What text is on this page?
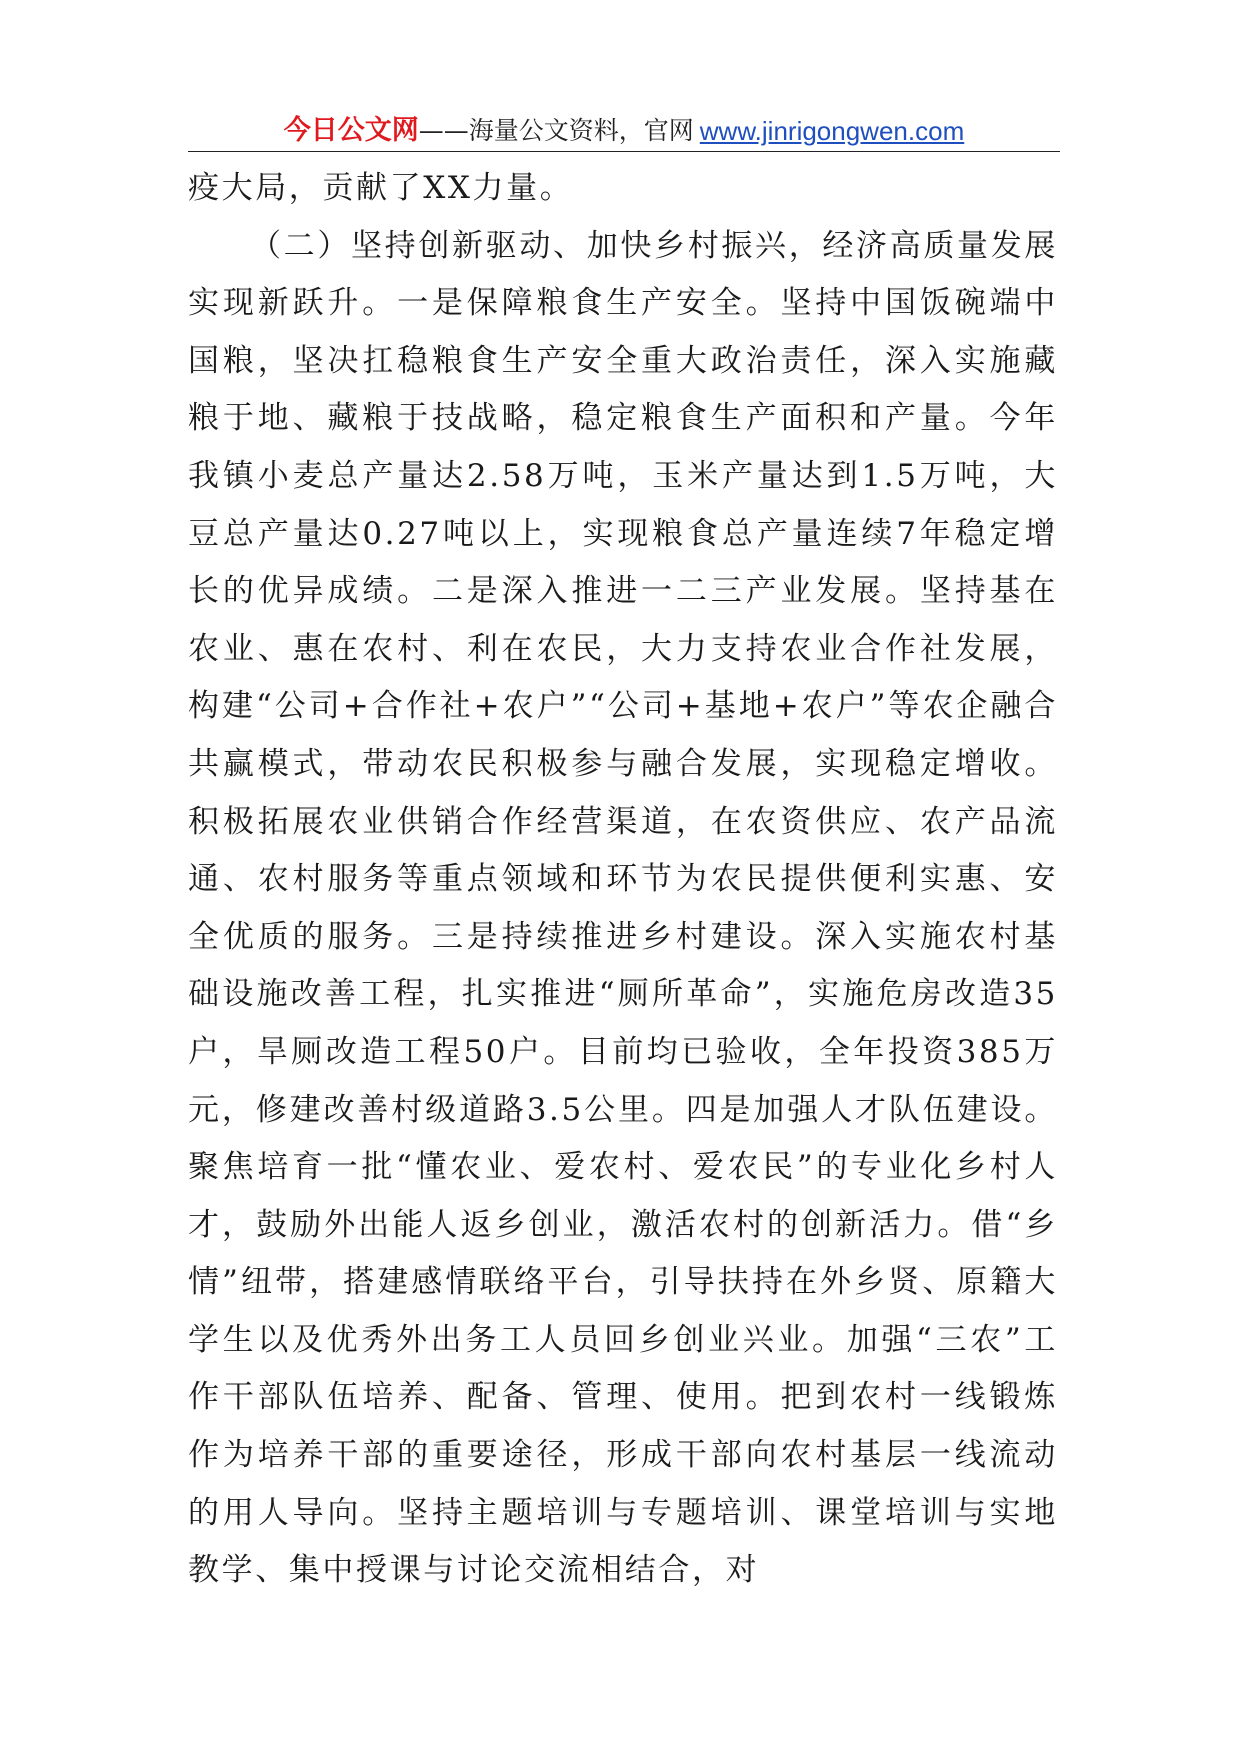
今日公文网 ——海量公文资料，官网 www.jinrigongwen.com

疫大局，贡献了XX力量。

（二）坚持创新驱动、加快乡村振兴，经济高质量发展实现新跃升。一是保障粮食生产安全。坚持中国饭碗端中国粮，坚决扛稳粮食生产安全重大政治责任，深入实施藏粮于地、藏粮于技战略，稳定粮食生产面积和产量。今年我镇小麦总产量达2.58万吨，玉米产量达到1.5万吨，大豆总产量达0.27吨以上，实现粮食总产量连续7年稳定增长的优异成绩。二是深入推进一二三产业发展。坚持基在农业、惠在农村、利在农民，大力支持农业合作社发展，构建“公司+合作社+农户”“公司+基地+农户”等农企融合共赢模式，带动农民积极参与融合发展，实现稳定增收。积极拓展农业供销合作经营渠道，在农资供应、农产品流通、农村服务等重点领域和环节为农民提供便利实惠、安全优质的服务。三是持续推进乡村建设。深入实施农村基础设施改善工程，扎实推进“厕所革命”，实施危房改造35户，旱厕改造工程50户。目前均已验收，全年投资385万元，修建改善村级道路3.5公里。四是加强人才队伍建设。聚焦培育一批“懂农业、爱农村、爱农民”的专业化乡村人才，鼓励外出能人返乡创业，激活农村的创新活力。借“乡情”纽带，搭建感情联络平台，引导扶持在外乡贤、原籍大学生以及优秀外出务工人员回乡创业兴业。加强“三农”工作干部队伍培养、配备、管理、使用。把到农村一线锻炼作为培养干部的重要途径，形成干部向农村基层一线流动的用人导向。坚持主题培训与专题培训、课堂培训与实地教学、集中授课与讨论交流相结合，对
